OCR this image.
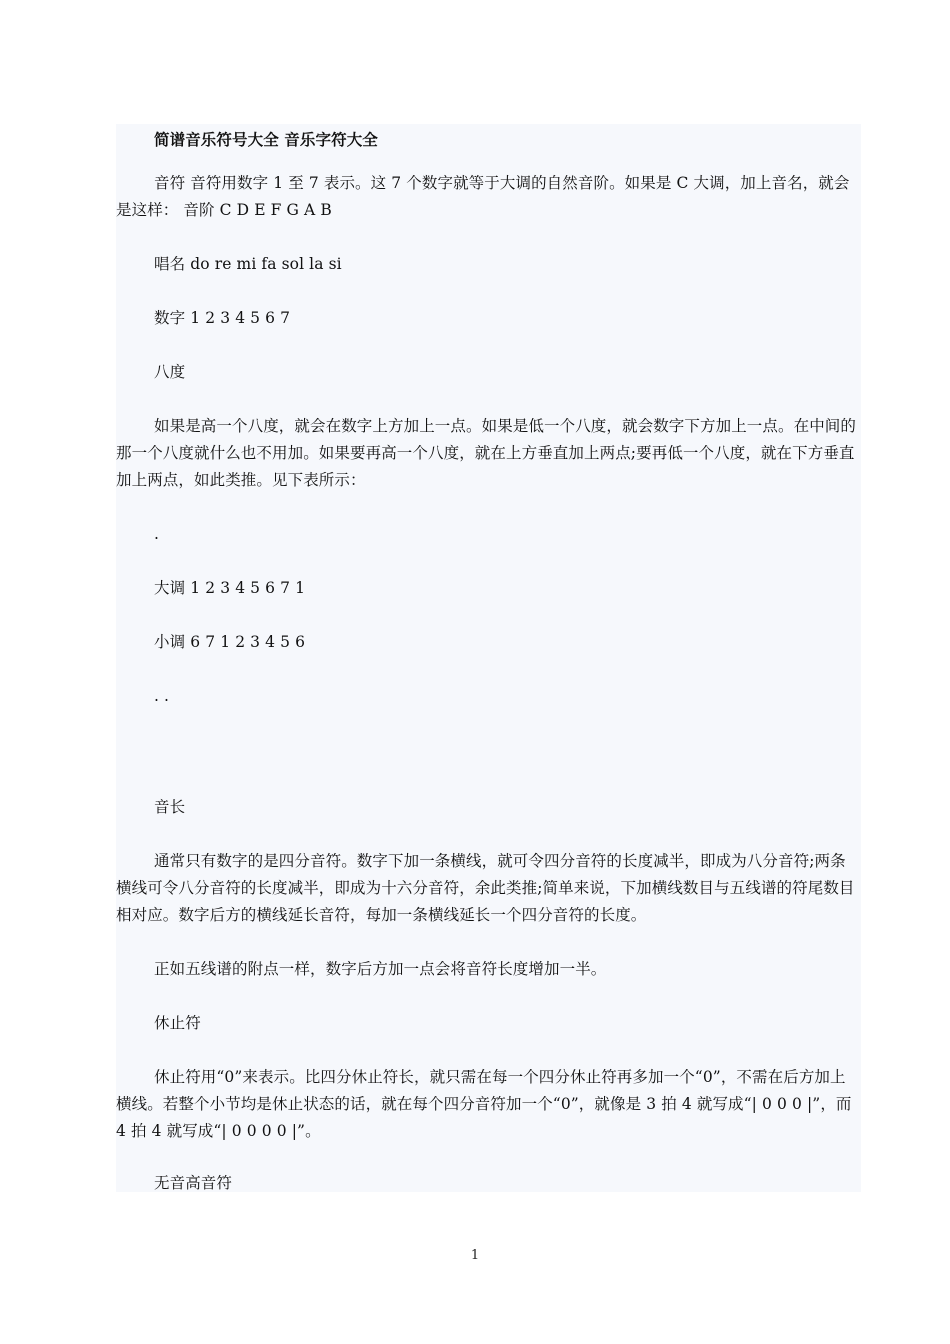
简谱音乐符号大全 音乐字符大全

音符 音符用数字 1 至 7 表示。这 7 个数字就等于大调的自然音阶。如果是 C 大调，加上音名，就会是这样： 音阶 C D E F G A B

唱名 do re mi fa sol la si

数字 1 2 3 4 5 6 7

八度

如果是高一个八度，就会在数字上方加上一点。如果是低一个八度，就会数字下方加上一点。在中间的那一个八度就什么也不用加。如果要再高一个八度，就在上方垂直加上两点;要再低一个八度，就在下方垂直加上两点，如此类推。见下表所示：

.

大调 1 2 3 4 5 6 7 1

小调 6 7 1 2 3 4 5 6

. .

音长

通常只有数字的是四分音符。数字下加一条横线，就可令四分音符的长度减半，即成为八分音符;两条横线可令八分音符的长度减半，即成为十六分音符，余此类推;简单来说，下加横线数目与五线谱的符尾数目相对应。数字后方的横线延长音符，每加一条横线延长一个四分音符的长度。

正如五线谱的附点一样，数字后方加一点会将音符长度增加一半。

休止符

休止符用“0”来表示。比四分休止符长，就只需在每一个四分休止符再多加一个“0”，不需在后方加上横线。若整个小节均是休止状态的话，就在每个四分音符加一个“0”，就像是 3 拍 4 就写成“| 0 0 0 |”，而 4 拍 4 就写成“| 0 0 0 0 |”。

无音高音符

1
